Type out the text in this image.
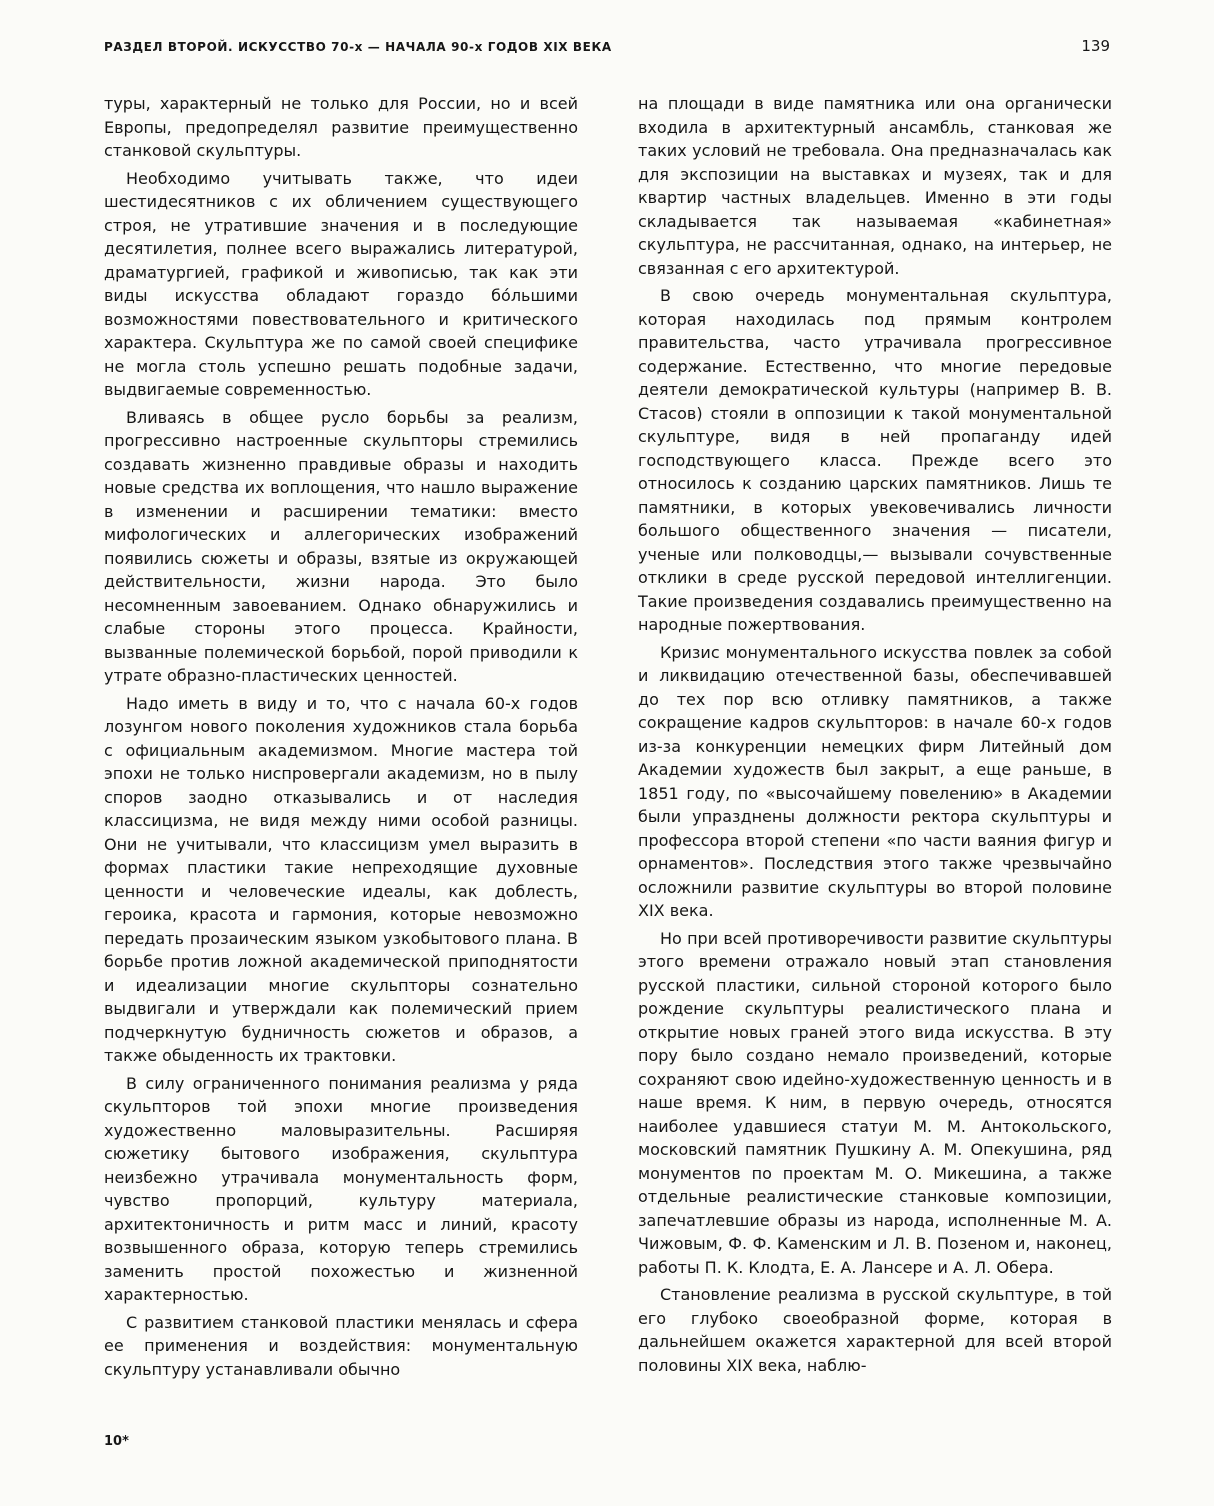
РАЗДЕЛ ВТОРОЙ. ИСКУССТВО 70-х — НАЧАЛА 90-х ГОДОВ XIX ВЕКА	139

туры, характерный не только для России, но и всей Европы, предопределял развитие преимущественно станковой скульптуры.

Необходимо учитывать также, что идеи шестидесятников с их обличением существующего строя, не утратившие значения и в последующие десятилетия, полнее всего выражались литературой, драматургией, графикой и живописью, так как эти виды искусства обладают гораздо бо́льшими возможностями повествовательного и критического характера. Скульптура же по самой своей специфике не могла столь успешно решать подобные задачи, выдвигаемые современностью.

Вливаясь в общее русло борьбы за реализм, прогрессивно настроенные скульпторы стремились создавать жизненно правдивые образы и находить новые средства их воплощения, что нашло выражение в изменении и расширении тематики: вместо мифологических и аллегорических изображений появились сюжеты и образы, взятые из окружающей действительности, жизни народа. Это было несомненным завоеванием. Однако обнаружились и слабые стороны этого процесса. Крайности, вызванные полемической борьбой, порой приводили к утрате образно-пластических ценностей.

Надо иметь в виду и то, что с начала 60-х годов лозунгом нового поколения художников стала борьба с официальным академизмом. Многие мастера той эпохи не только ниспровергали академизм, но в пылу споров заодно отказывались и от наследия классицизма, не видя между ними особой разницы. Они не учитывали, что классицизм умел выразить в формах пластики такие непреходящие духовные ценности и человеческие идеалы, как доблесть, героика, красота и гармония, которые невозможно передать прозаическим языком узкобытового плана. В борьбе против ложной академической приподнятости и идеализации многие скульпторы сознательно выдвигали и утверждали как полемический прием подчеркнутую будничность сюжетов и образов, а также обыденность их трактовки.

В силу ограниченного понимания реализма у ряда скульпторов той эпохи многие произведения художественно маловыразительны. Расширяя сюжетику бытового изображения, скульптура неизбежно утрачивала монументальность форм, чувство пропорций, культуру материала, архитектоничность и ритм масс и линий, красоту возвышенного образа, которую теперь стремились заменить простой похожестью и жизненной характерностью.

С развитием станковой пластики менялась и сфера ее применения и воздействия: монументальную скульптуру устанавливали обычно

на площади в виде памятника или она органически входила в архитектурный ансамбль, станковая же таких условий не требовала. Она предназначалась как для экспозиции на выставках и музеях, так и для квартир частных владельцев. Именно в эти годы складывается так называемая «кабинетная» скульптура, не рассчитанная, однако, на интерьер, не связанная с его архитектурой.

В свою очередь монументальная скульптура, которая находилась под прямым контролем правительства, часто утрачивала прогрессивное содержание. Естественно, что многие передовые деятели демократической культуры (например В. В. Стасов) стояли в оппозиции к такой монументальной скульптуре, видя в ней пропаганду идей господствующего класса. Прежде всего это относилось к созданию царских памятников. Лишь те памятники, в которых увековечивались личности большого общественного значения — писатели, ученые или полководцы,— вызывали сочувственные отклики в среде русской передовой интеллигенции. Такие произведения создавались преимущественно на народные пожертвования.

Кризис монументального искусства повлек за собой и ликвидацию отечественной базы, обеспечивавшей до тех пор всю отливку памятников, а также сокращение кадров скульпторов: в начале 60-х годов из-за конкуренции немецких фирм Литейный дом Академии художеств был закрыт, а еще раньше, в 1851 году, по «высочайшему повелению» в Академии были упразднены должности ректора скульптуры и профессора второй степени «по части ваяния фигур и орнаментов». Последствия этого также чрезвычайно осложнили развитие скульптуры во второй половине XIX века.

Но при всей противоречивости развитие скульптуры этого времени отражало новый этап становления русской пластики, сильной стороной которого было рождение скульптуры реалистического плана и открытие новых граней этого вида искусства. В эту пору было создано немало произведений, которые сохраняют свою идейно-художественную ценность и в наше время. К ним, в первую очередь, относятся наиболее удавшиеся статуи М. М. Антокольского, московский памятник Пушкину А. М. Опекушина, ряд монументов по проектам М. О. Микешина, а также отдельные реалистические станковые композиции, запечатлевшие образы из народа, исполненные М. А. Чижовым, Ф. Ф. Каменским и Л. В. Позеном и, наконец, работы П. К. Клодта, Е. А. Лансере и А. Л. Обера.

Становление реализма в русской скульптуре, в той его глубоко своеобразной форме, которая в дальнейшем окажется характерной для всей второй половины XIX века, наблю-

10*
